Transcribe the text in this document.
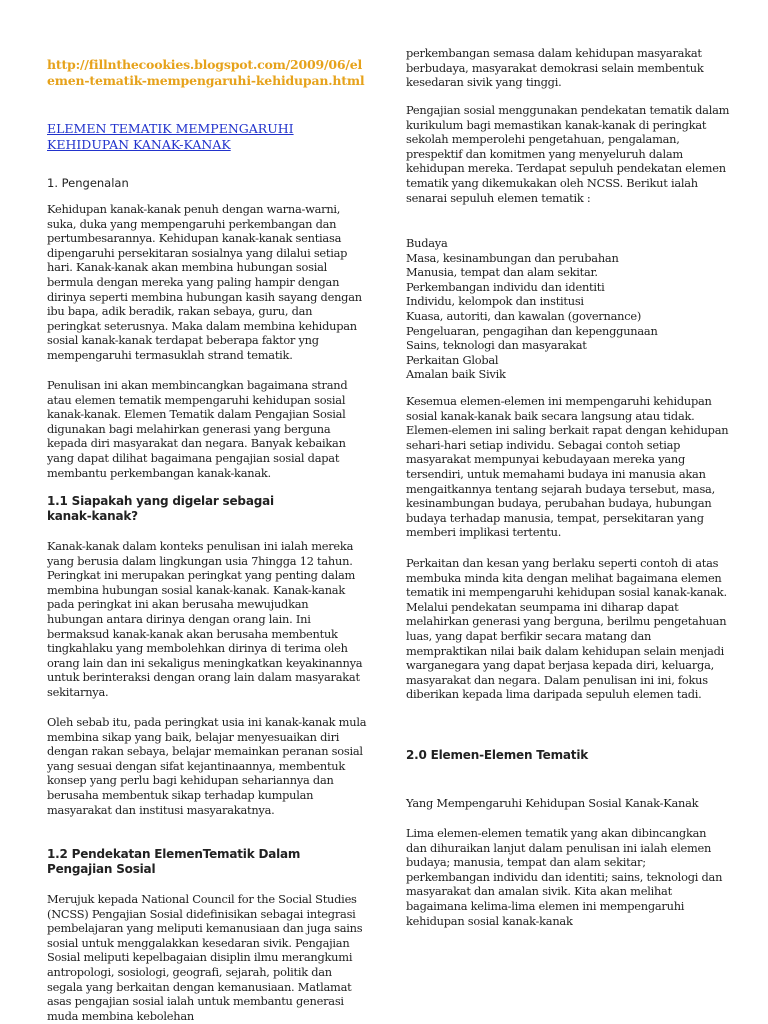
http://fillnthecookies.blogspot.com/2009/06/elemen-tematik-mempengaruhi-kehidupan.html

ELEMEN TEMATIK MEMPENGARUHI KEHIDUPAN KANAK-KANAK

1. Pengenalan

Kehidupan kanak-kanak penuh dengan warna-warni, suka, duka yang mempengaruhi perkembangan dan pertumbesarannya. Kehidupan kanak-kanak sentiasa dipengaruhi persekitaran sosialnya yang dilalui setiap hari. Kanak-kanak akan membina hubungan sosial bermula dengan mereka yang paling hampir dengan dirinya seperti membina hubungan kasih sayang dengan ibu bapa, adik beradik, rakan sebaya, guru, dan peringkat seterusnya. Maka dalam membina kehidupan sosial kanak-kanak terdapat beberapa faktor yng mempengaruhi termasuklah strand tematik.

Penulisan ini akan membincangkan bagaimana strand atau elemen tematik mempengaruhi kehidupan sosial kanak-kanak. Elemen Tematik dalam Pengajian Sosial digunakan bagi melahirkan generasi yang berguna kepada diri masyarakat dan negara. Banyak kebaikan yang dapat dilihat bagaimana pengajian sosial dapat membantu perkembangan kanak-kanak.

1.1 Siapakah yang digelar sebagai kanak-kanak?

Kanak-kanak dalam konteks penulisan ini ialah mereka yang berusia dalam lingkungan usia 7hingga 12 tahun. Peringkat ini merupakan peringkat yang penting dalam membina hubungan sosial kanak-kanak. Kanak-kanak pada peringkat ini akan berusaha mewujudkan hubungan antara dirinya dengan orang lain. Ini bermaksud kanak-kanak akan berusaha membentuk tingkahlaku yang membolehkan dirinya di terima oleh orang lain dan ini sekaligus meningkatkan keyakinannya untuk berinteraksi dengan orang lain dalam masyarakat sekitarnya.

Oleh sebab itu, pada peringkat usia ini kanak-kanak mula membina sikap yang baik, belajar menyesuaikan diri dengan rakan sebaya, belajar memainkan peranan sosial yang sesuai dengan sifat kejantinaannya, membentuk konsep yang perlu bagi kehidupan sehariannya dan berusaha membentuk sikap terhadap kumpulan masyarakat dan institusi masyarakatnya.

1.2 Pendekatan ElemenTematik Dalam Pengajian Sosial

Merujuk kepada National Council for the Social Studies (NCSS) Pengajian Sosial didefinisikan sebagai integrasi pembelajaran yang meliputi kemanusiaan dan juga sains sosial untuk menggalakkan kesedaran sivik. Pengajian Sosial meliputi kepelbagaian disiplin ilmu merangkumi antropologi, sosiologi, geografi, sejarah, politik dan segala yang berkaitan dengan kemanusiaan. Matlamat asas pengajian sosial ialah untuk membantu generasi muda membina kebolehan

perkembangan semasa dalam kehidupan masyarakat berbudaya, masyarakat demokrasi selain membentuk kesedaran sivik yang tinggi.

Pengajian sosial menggunakan pendekatan tematik dalam kurikulum bagi memastikan kanak-kanak di peringkat sekolah memperolehi pengetahuan, pengalaman, prespektif dan komitmen yang menyeluruh dalam kehidupan mereka. Terdapat sepuluh pendekatan elemen tematik yang dikemukakan oleh NCSS. Berikut ialah senarai sepuluh elemen tematik :

Budaya
Masa, kesinambungan dan perubahan
Manusia, tempat dan alam sekitar.
Perkembangan individu dan identiti
Individu, kelompok dan institusi
Kuasa, autoriti, dan kawalan (governance)
Pengeluaran, pengagihan dan kepenggunaan
Sains, teknologi dan masyarakat
Perkaitan Global
Amalan baik Sivik

Kesemua elemen-elemen ini mempengaruhi kehidupan sosial kanak-kanak baik secara langsung atau tidak. Elemen-elemen ini saling berkait rapat dengan kehidupan sehari-hari setiap individu. Sebagai contoh setiap masyarakat mempunyai kebudayaan mereka yang tersendiri, untuk memahami budaya ini manusia akan mengaitkannya tentang sejarah budaya tersebut, masa, kesinambungan budaya, perubahan budaya, hubungan budaya terhadap manusia, tempat, persekitaran yang memberi implikasi tertentu.

Perkaitan dan kesan yang berlaku seperti contoh di atas membuka minda kita dengan melihat bagaimana elemen tematik ini mempengaruhi kehidupan sosial kanak-kanak. Melalui pendekatan seumpama ini diharap dapat melahirkan generasi yang berguna, berilmu pengetahuan luas, yang dapat berfikir secara matang dan mempraktikan nilai baik dalam kehidupan selain menjadi warganegara yang dapat berjasa kepada diri, keluarga, masyarakat dan negara. Dalam penulisan ini ini, fokus diberikan kepada lima daripada sepuluh elemen tadi.

2.0 Elemen-Elemen Tematik

Yang Mempengaruhi Kehidupan Sosial Kanak-Kanak

Lima elemen-elemen tematik yang akan dibincangkan dan dihuraikan lanjut dalam penulisan ini ialah elemen budaya; manusia, tempat dan alam sekitar; perkembangan individu dan identiti; sains, teknologi dan masyarakat dan amalan sivik. Kita akan melihat bagaimana kelima-lima elemen ini mempengaruhi kehidupan sosial kanak-kanak
